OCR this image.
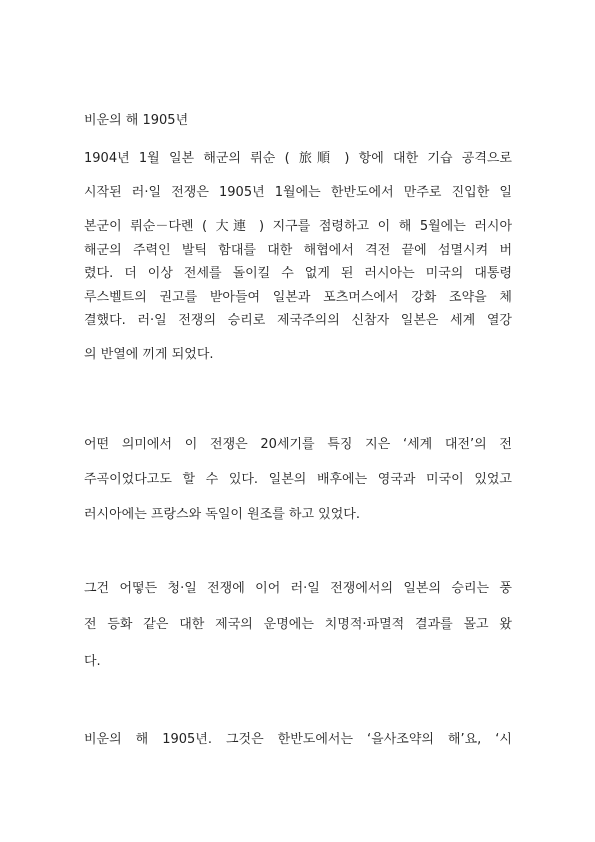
비운의 해 1905년
1904년 1월 일본 해군의 뤼순 ( 旅順 ) 항에 대한 기습 공격으로
시작된 러·일 전쟁은 1905년 1월에는 한반도에서 만주로 진입한 일
본군이 뤼순－다롄 ( 大連 ) 지구를 점령하고 이 해 5월에는 러시아
해군의 주력인 발틱 함대를 대한 해협에서 격전 끝에 섬멸시켜 버
렸다. 더 이상 전세를 돌이킬 수 없게 된 러시아는 미국의 대통령
루스벨트의 권고를 받아들여 일본과 포츠머스에서 강화 조약을 체
결했다. 러·일 전쟁의 승리로 제국주의의 신참자 일본은 세계 열강
의 반열에 끼게 되었다.
어떤 의미에서 이 전쟁은 20세기를 특징 지은 ‘세계 대전’의 전
주곡이었다고도 할 수 있다. 일본의 배후에는 영국과 미국이 있었고
러시아에는 프랑스와 독일이 원조를 하고 있었다.
그건 어떻든 청·일 전쟁에 이어 러·일 전쟁에서의 일본의 승리는 풍
전 등화 같은 대한 제국의 운명에는 치명적·파멸적 결과를 몰고 왔
다.
비운의 해 1905년. 그것은 한반도에서는 ‘을사조약의 해’요, ‘시
